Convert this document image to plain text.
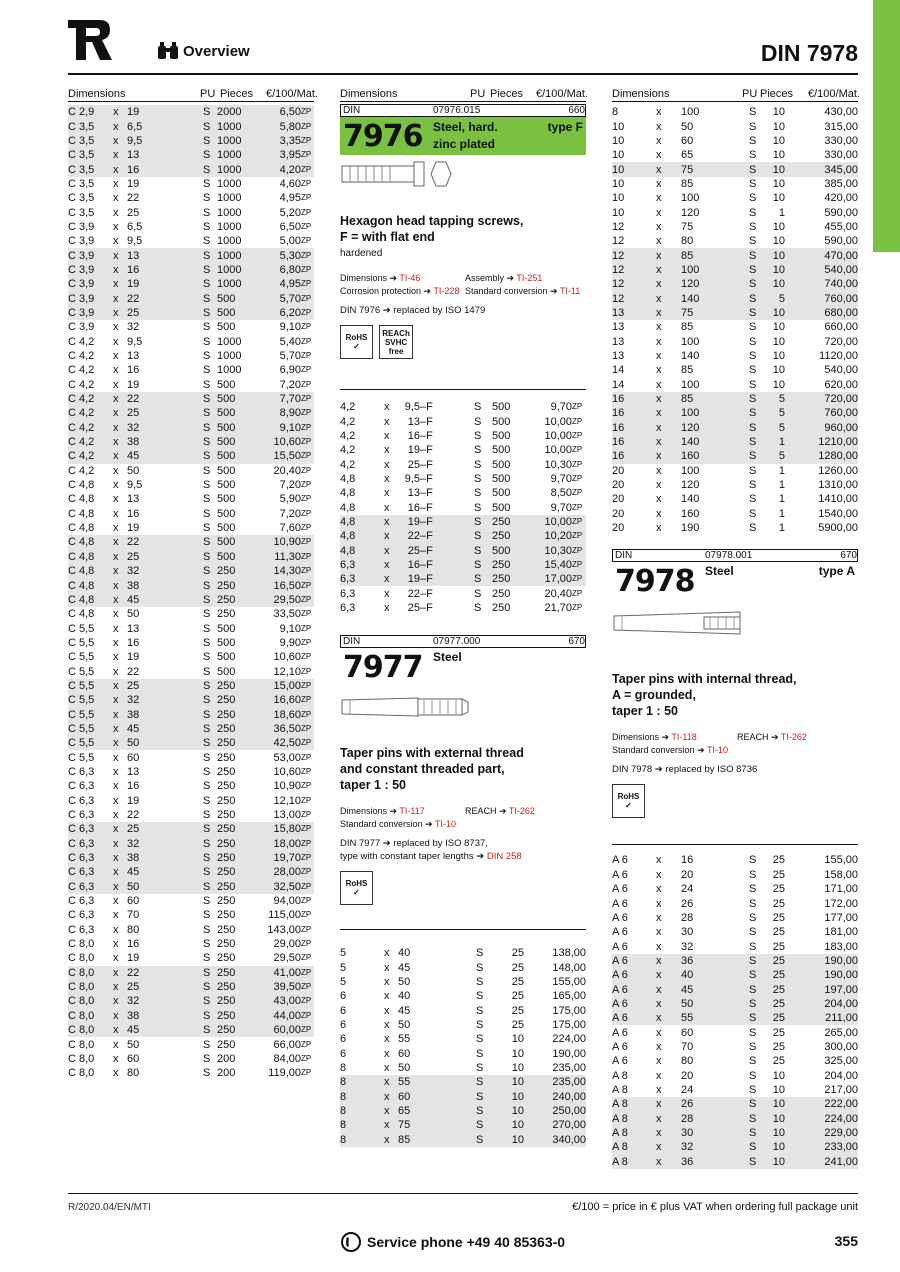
Overview	DIN 7978
Dimensions	PU Pieces	€/100/Mat.
C 2,9	x 19	S 2000	6,50 ZP
C 3,5	x 6,5	S 1000	5,80 ZP
C 3,5	x 9,5	S 1000	3,35 ZP
C 3,5	x 13	S 1000	3,95 ZP
C 3,5	x 16	S 1000	4,20 ZP
C 3,5	x 19	S 1000	4,60 ZP
C 3,5	x 22	S 1000	4,95 ZP
C 3,5	x 25	S 1000	5,20 ZP
C 3,9	x 6,5	S 1000	6,50 ZP
C 3,9	x 9,5	S 1000	5,00 ZP
C 3,9	x 13	S 1000	5,30 ZP
C 3,9	x 16	S 1000	6,80 ZP
C 3,9	x 19	S 1000	4,95 ZP
C 3,9	x 22	S 500	5,70 ZP
C 3,9	x 25	S 500	6,20 ZP
C 3,9	x 32	S 500	9,10 ZP
C 4,2	x 9,5	S 1000	5,40 ZP
C 4,2	x 13	S 1000	5,70 ZP
C 4,2	x 16	S 1000	6,90 ZP
C 4,2	x 19	S 500	7,20 ZP
C 4,2	x 22	S 500	7,70 ZP
C 4,2	x 25	S 500	8,90 ZP
C 4,2	x 32	S 500	9,10 ZP
C 4,2	x 38	S 500	10,60 ZP
C 4,2	x 45	S 500	15,50 ZP
C 4,2	x 50	S 500	20,40 ZP
C 4,8	x 9,5	S 500	7,20 ZP
C 4,8	x 13	S 500	5,90 ZP
C 4,8	x 16	S 500	7,20 ZP
C 4,8	x 19	S 500	7,60 ZP
C 4,8	x 22	S 500	10,90 ZP
C 4,8	x 25	S 500	11,30 ZP
C 4,8	x 32	S 250	14,30 ZP
C 4,8	x 38	S 250	16,50 ZP
C 4,8	x 45	S 250	29,50 ZP
C 4,8	x 50	S 250	33,50 ZP
C 5,5	x 13	S 500	9,10 ZP
C 5,5	x 16	S 500	9,90 ZP
C 5,5	x 19	S 500	10,60 ZP
C 5,5	x 22	S 500	12,10 ZP
C 5,5	x 25	S 250	15,00 ZP
C 5,5	x 32	S 250	16,60 ZP
C 5,5	x 38	S 250	18,60 ZP
C 5,5	x 45	S 250	36,50 ZP
C 5,5	x 50	S 250	42,50 ZP
C 5,5	x 60	S 250	53,00 ZP
C 6,3	x 13	S 250	10,60 ZP
C 6,3	x 16	S 250	10,90 ZP
C 6,3	x 19	S 250	12,10 ZP
C 6,3	x 22	S 250	13,00 ZP
C 6,3	x 25	S 250	15,80 ZP
C 6,3	x 32	S 250	18,00 ZP
C 6,3	x 38	S 250	19,70 ZP
C 6,3	x 45	S 250	28,00 ZP
C 6,3	x 50	S 250	32,50 ZP
C 6,3	x 60	S 250	94,00 ZP
C 6,3	x 70	S 250	115,00 ZP
C 6,3	x 80	S 250	143,00 ZP
C 8,0	x 16	S 250	29,00 ZP
C 8,0	x 19	S 250	29,50 ZP
C 8,0	x 22	S 250	41,00 ZP
C 8,0	x 25	S 250	39,50 ZP
C 8,0	x 32	S 250	43,00 ZP
C 8,0	x 38	S 250	44,00 ZP
C 8,0	x 45	S 250	60,00 ZP
C 8,0	x 50	S 250	66,00 ZP
C 8,0	x 60	S 200	84,00 ZP
C 8,0	x 80	S 200	119,00 ZP
Dimensions	PU Pieces	€/100/Mat.
DIN	07976.015	660
7976 Steel, hard.
zinc plated
type F
Hexagon head tapping screws,
F = with flat end
hardened
Dimensions ➔ TI-46	Assembly ➔ TI-251
Corrosion protection ➔ TI-228 Standard conversion ➔ TI-11
DIN 7976 ➔ replaced by ISO 1479
RoHS
✓

REACh
SVHC
free
4,2	x	9,5 –F	S 500	9,70 ZP
4,2	x	13 –F	S 500	10,00 ZP
4,2	x	16 –F	S 500	10,00 ZP
4,2	x	19 –F	S 500	10,00 ZP
4,2	x	25 –F	S 500	10,30 ZP
4,8	x	9,5 –F	S 500	9,70 ZP
4,8	x	13 –F	S 500	8,50 ZP
4,8	x	16 –F	S 500	9,70 ZP
4,8	x	19 –F	S 250	10,00 ZP
4,8	x	22 –F	S 250	10,20 ZP
4,8	x	25 –F	S 500	10,30 ZP
6,3	x	16 –F	S 250	15,40 ZP
6,3	x	19 –F	S 250	17,00 ZP
6,3	x	22 –F	S 250	20,40 ZP
6,3	x	25 –F	S 250	21,70 ZP
DIN	07977.000	670
7977 Steel
Taper pins with external thread
and constant threaded part,
taper 1 : 50
Dimensions ➔ TI-117	REACH ➔ TI-262
Standard conversion ➔ TI-10
DIN 7977 ➔ replaced by ISO 8737,
type with constant taper lengths ➔ DIN 258
RoHS
✓
5	x 40	S	25	138,00
5	x 45	S	25	148,00
5	x 50	S	25	155,00
6	x 40	S	25	165,00
6	x 45	S	25	175,00
6	x 50	S	25	175,00
6	x 55	S	10	224,00
6	x 60	S	10	190,00
8	x 50	S	10	235,00
8	x 55	S	10	235,00
8	x 60	S	10	240,00
8	x 65	S	10	250,00
8	x 75	S	10	270,00
8	x 85	S	10	340,00
Dimensions	PU Pieces	€/100/Mat.
8	x	100	S	10	430,00
10	x	50	S	10	315,00
10	x	60	S	10	330,00
10	x	65	S	10	330,00
10	x	75	S	10	345,00
10	x	85	S	10	385,00
10	x	100	S	10	420,00
10	x	120	S	1	590,00
12	x	75	S	10	455,00
12	x	80	S	10	590,00
12	x	85	S	10	470,00
12	x	100	S	10	540,00
12	x	120	S	10	740,00
12	x	140	S	5	760,00
13	x	75	S	10	680,00
13	x	85	S	10	660,00
13	x	100	S	10	720,00
13	x	140	S	10	1120,00
14	x	85	S	10	540,00
14	x	100	S	10	620,00
16	x	85	S	5	720,00
16	x	100	S	5	760,00
16	x	120	S	5	960,00
16	x	140	S	1	1210,00
16	x	160	S	5	1280,00
20	x	100	S	1	1260,00
20	x	120	S	1	1310,00
20	x	140	S	1	1410,00
20	x	160	S	1	1540,00
20	x	190	S	1	5900,00
DIN	07978.001	670
7978 Steel	type A
Taper pins with internal thread,
A = grounded,
taper 1 : 50
Dimensions ➔ TI-118	REACH ➔ TI-262
Standard conversion ➔ TI-10
DIN 7978 ➔ replaced by ISO 8736
RoHS
✓
A 6	x	16	S	25	155,00
A 6	x	20	S	25	158,00
A 6	x	24	S	25	171,00
A 6	x	26	S	25	172,00
A 6	x	28	S	25	177,00
A 6	x	30	S	25	181,00
A 6	x	32	S	25	183,00
A 6	x	36	S	25	190,00
A 6	x	40	S	25	190,00
A 6	x	45	S	25	197,00
A 6	x	50	S	25	204,00
A 6	x	55	S	25	211,00
A 6	x	60	S	25	265,00
A 6	x	70	S	25	300,00
A 6	x	80	S	25	325,00
A 8	x	20	S	10	204,00
A 8	x	24	S	10	217,00
A 8	x	26	S	10	222,00
A 8	x	28	S	10	224,00
A 8	x	30	S	10	229,00
A 8	x	32	S	10	233,00
A 8	x	36	S	10	241,00
R/2020.04/EN/MTI	€/100 = price in € plus VAT when ordering full package unit
Service phone +49 40 85363-0	355
